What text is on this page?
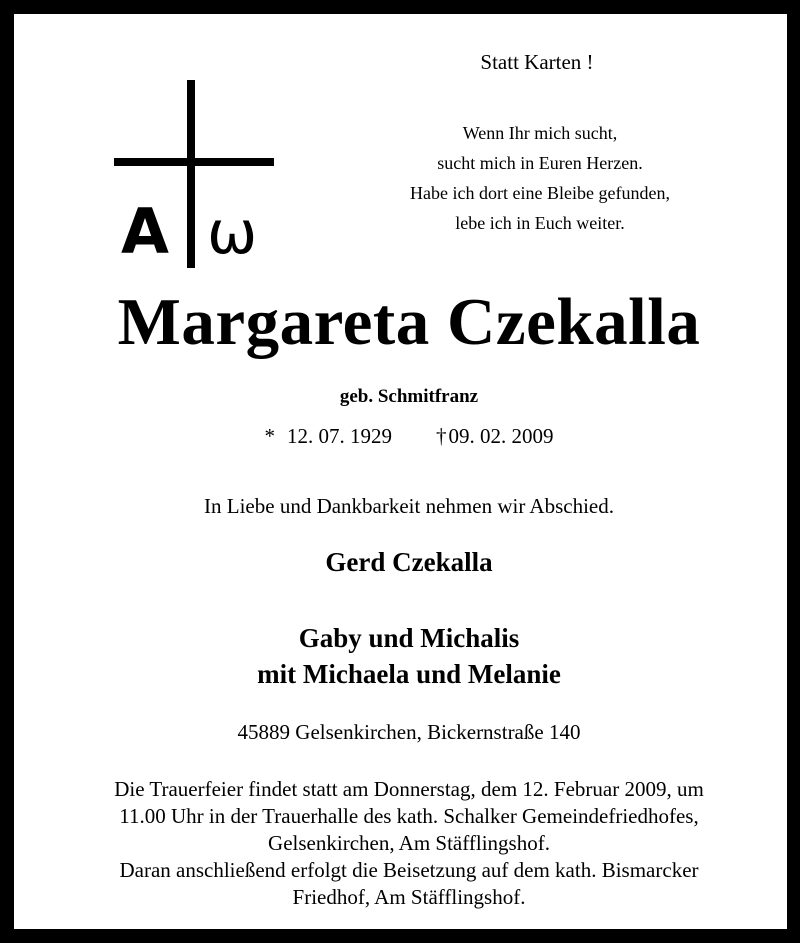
Statt Karten !
Wenn Ihr mich sucht,
sucht mich in Euren Herzen.
Habe ich dort eine Bleibe gefunden,
lebe ich in Euch weiter.
A ω
Margareta Czekalla
geb. Schmitfranz
* 12. 07. 1929 †09. 02. 2009
In Liebe und Dankbarkeit nehmen wir Abschied.
Gerd Czekalla
Gaby und Michalis
mit Michaela und Melanie
45889 Gelsenkirchen, Bickernstraße 140
Die Trauerfeier findet statt am Donnerstag, dem 12. Februar 2009, um
11.00 Uhr in der Trauerhalle des kath. Schalker Gemeindefriedhofes,
Gelsenkirchen, Am Stäfflingshof.
Daran anschließend erfolgt die Beisetzung auf dem kath. Bismarcker
Friedhof, Am Stäfflingshof.
